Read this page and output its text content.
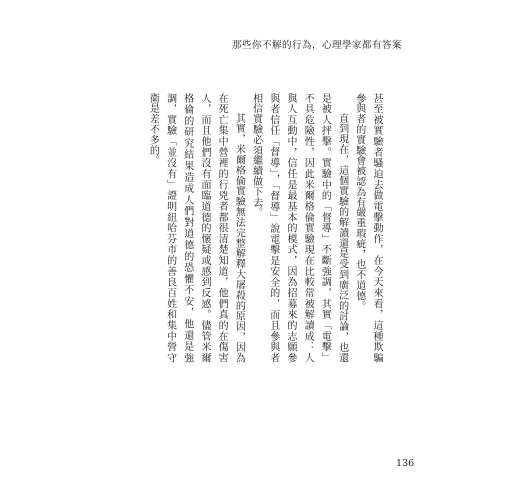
那些你不解的行為，心理學家都有答案

甚至被實驗者騷迫去做電擊動作，在今天來看，這種欺騙參與者的實驗會被認為有嚴重瑕疵，也不道德。

直到現在，這個實驗的解讀還是受到廣泛的討論，也還是被人抨擊。實驗中的「督導」不斷強調，其實「電擊」不具危險性，因此米爾格倫實驗現在比較常被解讀成：人與人互動中，信任是最基本的模式，因為招募來的志願參與者信任「督導」，「督導」說電擊是安全的，而且參與者相信實驗必須繼續做下去。

其實，米爾格倫實驗無法完整解釋大屠殺的原因，因為在死亡集中營裡的行兇者都很清楚知道，他們真的在傷害人，而且他們沒有面臨道德的懷疑或感到反感。儘管米爾格倫的研究結果造成人們對道德的恐懼不安，他還是強調，實驗「並沒有」證明紐哈芬市的善良百姓和集中營守衛是差不多的。

136
